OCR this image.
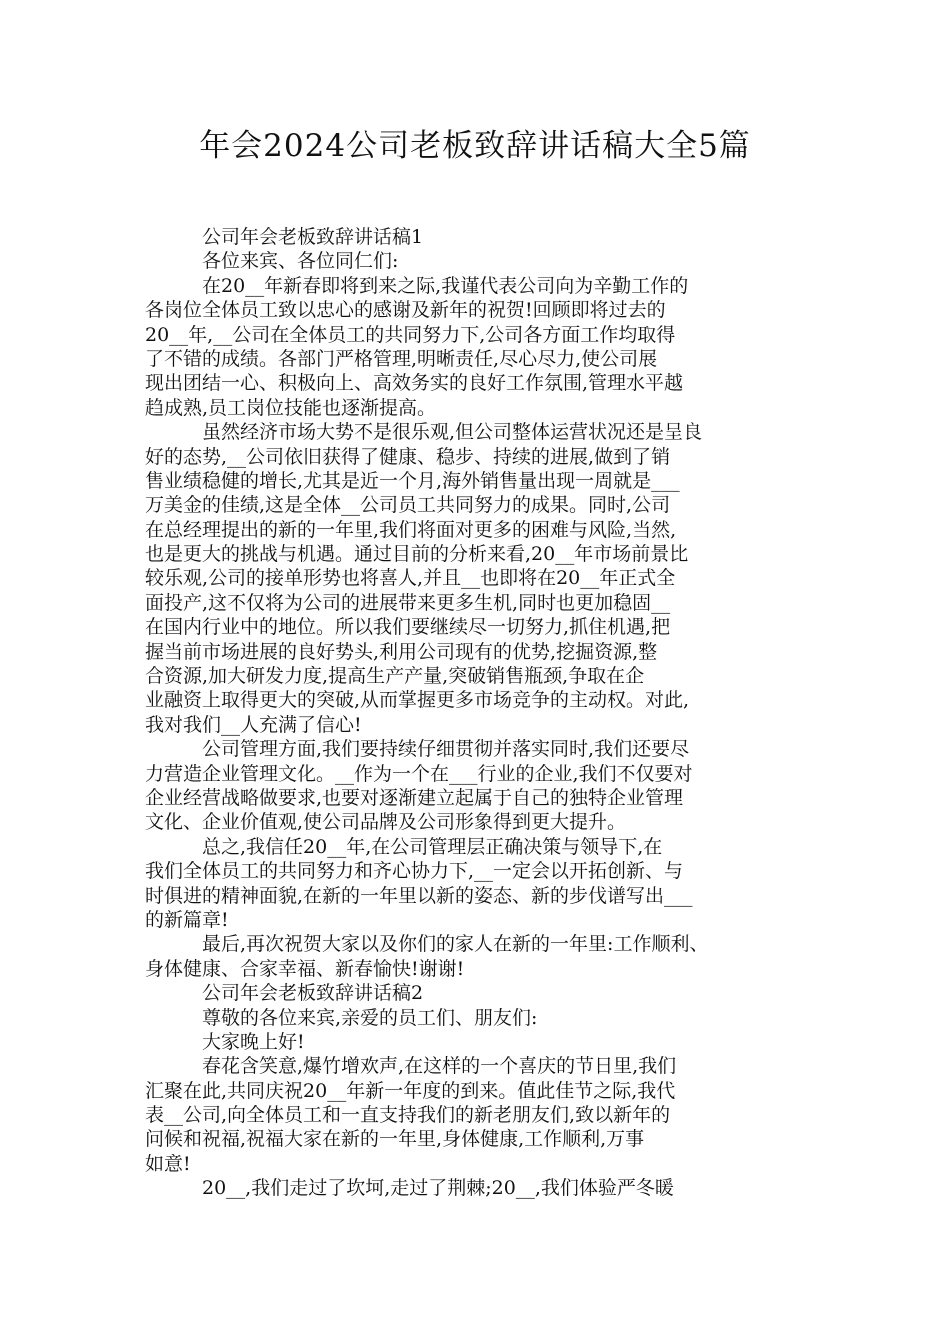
年会2024公司老板致辞讲话稿大全5篇
公司年会老板致辞讲话稿1
各位来宾、各位同仁们:
在20__年新春即将到来之际,我谨代表公司向为辛勤工作的
各岗位全体员工致以忠心的感谢及新年的祝贺!回顾即将过去的
20__年,__公司在全体员工的共同努力下,公司各方面工作均取得
了不错的成绩。各部门严格管理,明晰责任,尽心尽力,使公司展
现出团结一心、积极向上、高效务实的良好工作氛围,管理水平越
趋成熟,员工岗位技能也逐渐提高。
虽然经济市场大势不是很乐观,但公司整体运营状况还是呈良
好的态势,__公司依旧获得了健康、稳步、持续的进展,做到了销
售业绩稳健的增长,尤其是近一个月,海外销售量出现一周就是___
万美金的佳绩,这是全体__公司员工共同努力的成果。同时,公司
在总经理提出的新的一年里,我们将面对更多的困难与风险,当然,
也是更大的挑战与机遇。通过目前的分析来看,20__年市场前景比
较乐观,公司的接单形势也将喜人,并且__也即将在20__年正式全
面投产,这不仅将为公司的进展带来更多生机,同时也更加稳固__
在国内行业中的地位。所以我们要继续尽一切努力,抓住机遇,把
握当前市场进展的良好势头,利用公司现有的优势,挖掘资源,整
合资源,加大研发力度,提高生产产量,突破销售瓶颈,争取在企
业融资上取得更大的突破,从而掌握更多市场竞争的主动权。对此,
我对我们__人充满了信心!
公司管理方面,我们要持续仔细贯彻并落实同时,我们还要尽
力营造企业管理文化。__作为一个在___行业的企业,我们不仅要对
企业经营战略做要求,也要对逐渐建立起属于自己的独特企业管理
文化、企业价值观,使公司品牌及公司形象得到更大提升。
总之,我信任20__年,在公司管理层正确决策与领导下,在
我们全体员工的共同努力和齐心协力下,__一定会以开拓创新、与
时俱进的精神面貌,在新的一年里以新的姿态、新的步伐谱写出___
的新篇章!
最后,再次祝贺大家以及你们的家人在新的一年里:工作顺利、
身体健康、合家幸福、新春愉快!谢谢!
公司年会老板致辞讲话稿2
尊敬的各位来宾,亲爱的员工们、朋友们:
大家晚上好!
春花含笑意,爆竹增欢声,在这样的一个喜庆的节日里,我们
汇聚在此,共同庆祝20__年新一年度的到来。值此佳节之际,我代
表__公司,向全体员工和一直支持我们的新老朋友们,致以新年的
问候和祝福,祝福大家在新的一年里,身体健康,工作顺利,万事
如意!
20__,我们走过了坎坷,走过了荆棘;20__,我们体验严冬暖
